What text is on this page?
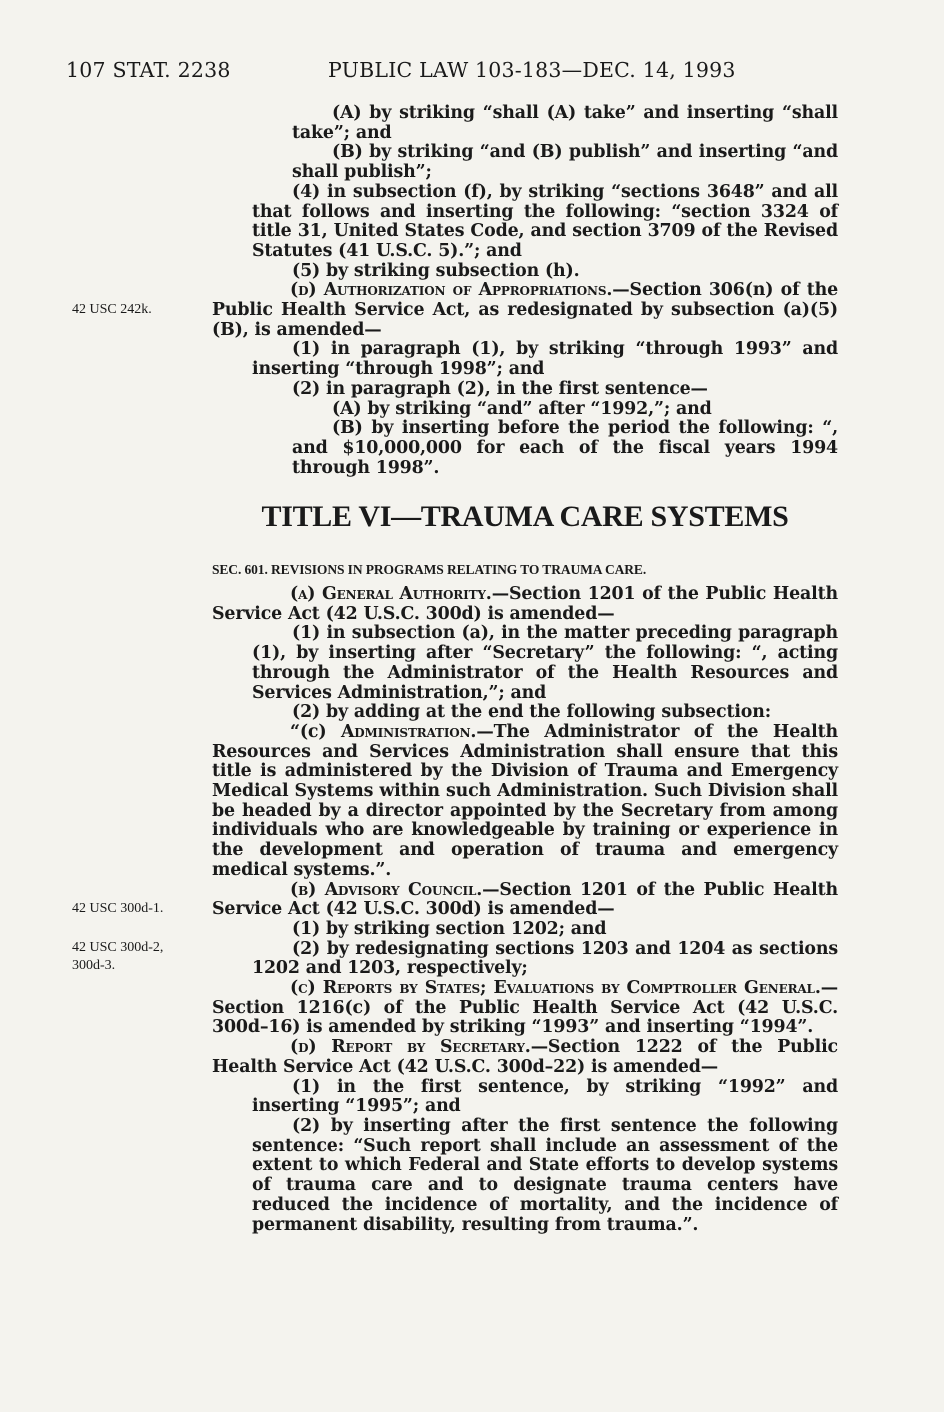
107 STAT. 2238	PUBLIC LAW 103-183—DEC. 14, 1993
42 USC 242k.
42 USC 300d-1.
42 USC 300d-2,
300d-3.

(A) by striking “shall (A) take” and inserting “shall take”; and

(B) by striking “and (B) publish” and inserting “and shall publish”;

(4) in subsection (f), by striking “sections 3648” and all that follows and inserting the following: “section 3324 of title 31, United States Code, and section 3709 of the Revised Statutes (41 U.S.C. 5).”; and

(5) by striking subsection (h).

(d) Authorization of Appropriations.—Section 306(n) of the Public Health Service Act, as redesignated by subsection (a)(5)(B), is amended—

(1) in paragraph (1), by striking “through 1993” and inserting “through 1998”; and

(2) in paragraph (2), in the first sentence—

(A) by striking “and” after “1992,”; and

(B) by inserting before the period the following: “, and $10,000,000 for each of the fiscal years 1994 through 1998”.

TITLE VI—TRAUMA CARE SYSTEMS
SEC. 601. REVISIONS IN PROGRAMS RELATING TO TRAUMA CARE.

(a) General Authority.—Section 1201 of the Public Health Service Act (42 U.S.C. 300d) is amended—

(1) in subsection (a), in the matter preceding paragraph (1), by inserting after “Secretary” the following: “, acting through the Administrator of the Health Resources and Services Administration,”; and

(2) by adding at the end the following subsection:

“(c) Administration.—The Administrator of the Health Resources and Services Administration shall ensure that this title is administered by the Division of Trauma and Emergency Medical Systems within such Administration. Such Division shall be headed by a director appointed by the Secretary from among individuals who are knowledgeable by training or experience in the development and operation of trauma and emergency medical systems.”.

(b) Advisory Council.—Section 1201 of the Public Health Service Act (42 U.S.C. 300d) is amended—

(1) by striking section 1202; and

(2) by redesignating sections 1203 and 1204 as sections 1202 and 1203, respectively;

(c) Reports by States; Evaluations by Comptroller General.—Section 1216(c) of the Public Health Service Act (42 U.S.C. 300d–16) is amended by striking “1993” and inserting “1994”.

(d) Report by Secretary.—Section 1222 of the Public Health Service Act (42 U.S.C. 300d–22) is amended—

(1) in the first sentence, by striking “1992” and inserting “1995”; and

(2) by inserting after the first sentence the following sentence: “Such report shall include an assessment of the extent to which Federal and State efforts to develop systems of trauma care and to designate trauma centers have reduced the incidence of mortality, and the incidence of permanent disability, resulting from trauma.”.
